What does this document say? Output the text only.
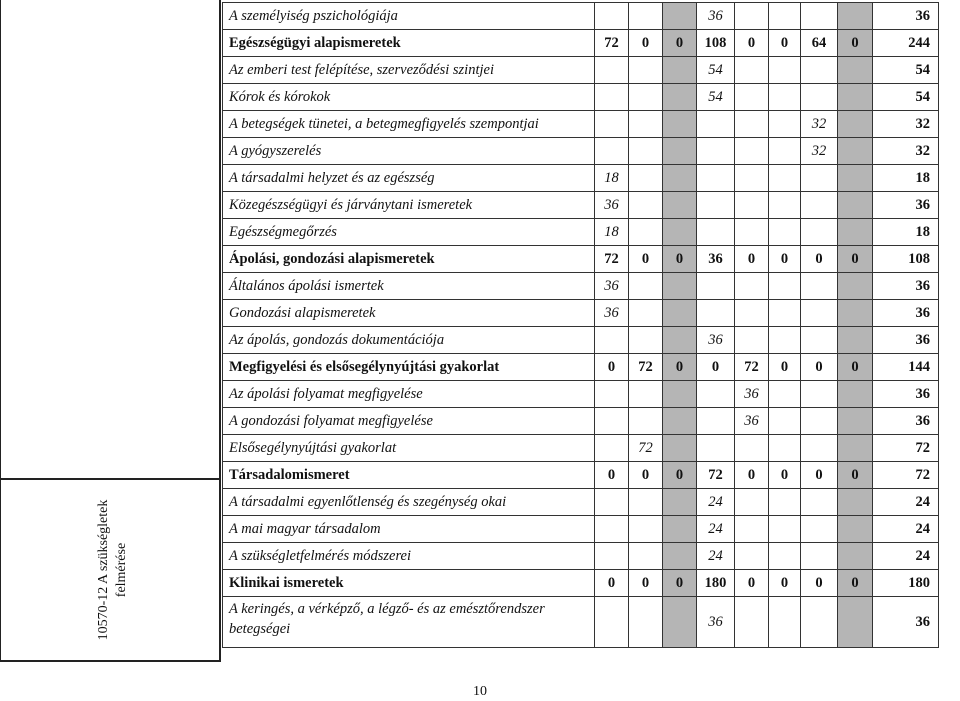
10570-12 A szükségletek felmérése
A személyiség pszichológiája				36					36
Egészségügyi alapismeretek	72	0	0	108	0	0	64	0	244
Az emberi test felépítése, szerveződési szintjei				54					54
Kórok és kórokok				54					54
A betegségek tünetei, a betegmegfigyelés szempontjai							32		32
A gyógyszerelés							32		32
A társadalmi helyzet és az egészség	18								18
Közegészségügyi és járványtani ismeretek	36								36
Egészségmegőrzés	18								18
Ápolási, gondozási alapismeretek	72	0	0	36	0	0	0	0	108
Általános ápolási ismertek	36								36
Gondozási alapismeretek	36								36
Az ápolás, gondozás dokumentációja				36					36
Megfigyelési és elsősegélynyújtási gyakorlat	0	72	0	0	72	0	0	0	144
Az ápolási folyamat megfigyelése					36				36
A gondozási folyamat megfigyelése					36				36
Elsősegélynyújtási gyakorlat		72							72
Társadalomismeret	0	0	0	72	0	0	0	0	72
A társadalmi egyenlőtlenség és szegénység okai				24					24
A mai magyar társadalom				24					24
A szükségletfelmérés módszerei				24					24
Klinikai ismeretek	0	0	0	180	0	0	0	0	180
A keringés, a vérképző, a légző- és az emésztőrendszer betegségei				36					36
10
